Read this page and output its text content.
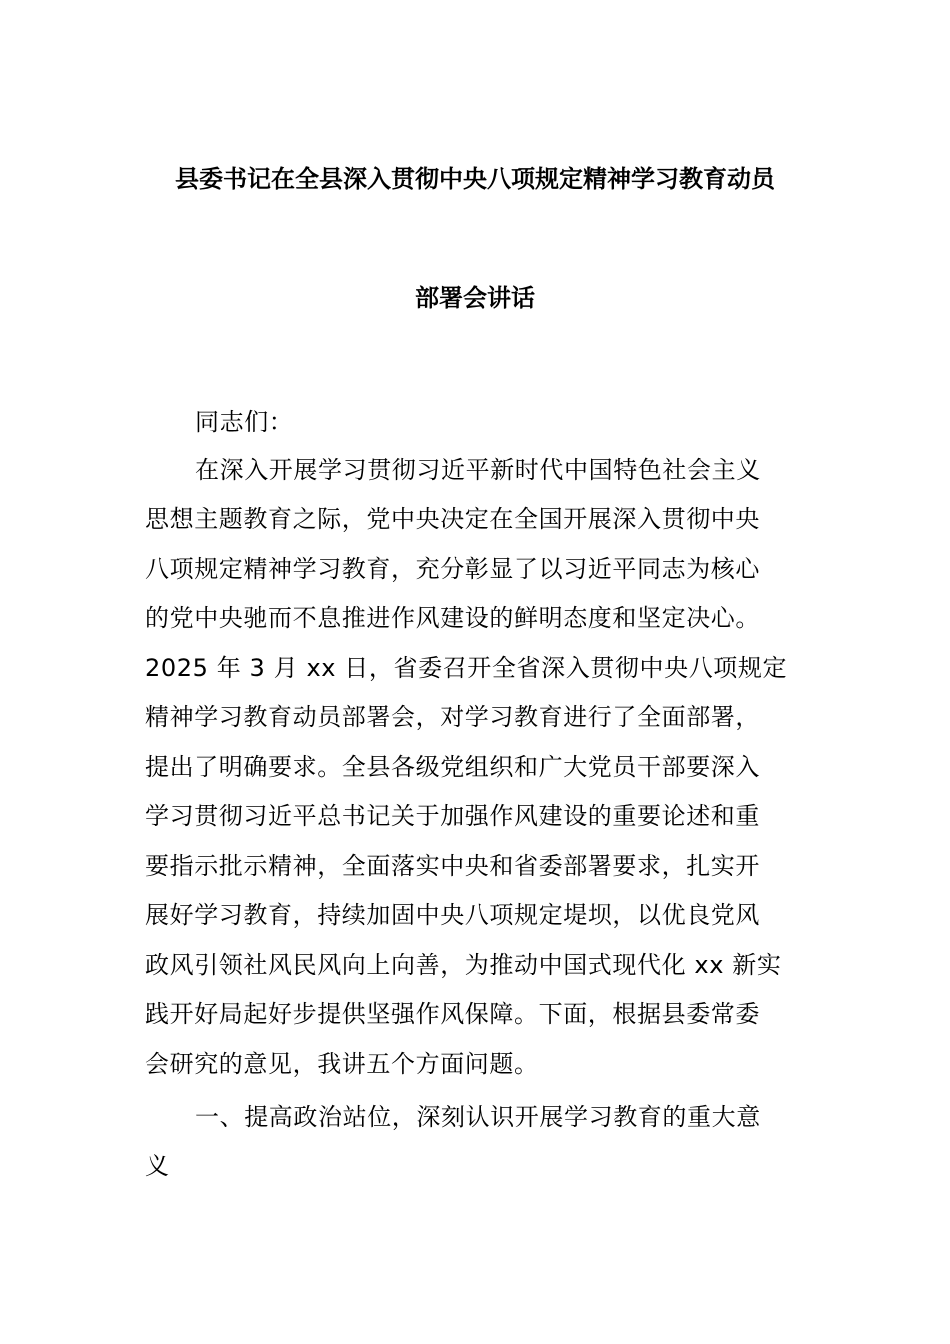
县委书记在全县深入贯彻中央八项规定精神学习教育动员
部署会讲话
同志们：
在深入开展学习贯彻习近平新时代中国特色社会主义
思想主题教育之际，党中央决定在全国开展深入贯彻中央
八项规定精神学习教育，充分彰显了以习近平同志为核心
的党中央驰而不息推进作风建设的鲜明态度和坚定决心。
2025 年 3 月 xx 日，省委召开全省深入贯彻中央八项规定
精神学习教育动员部署会，对学习教育进行了全面部署，
提出了明确要求。全县各级党组织和广大党员干部要深入
学习贯彻习近平总书记关于加强作风建设的重要论述和重
要指示批示精神，全面落实中央和省委部署要求，扎实开
展好学习教育，持续加固中央八项规定堤坝，以优良党风
政风引领社风民风向上向善，为推动中国式现代化 xx 新实
践开好局起好步提供坚强作风保障。下面，根据县委常委
会研究的意见，我讲五个方面问题。
一、提高政治站位，深刻认识开展学习教育的重大意
义
